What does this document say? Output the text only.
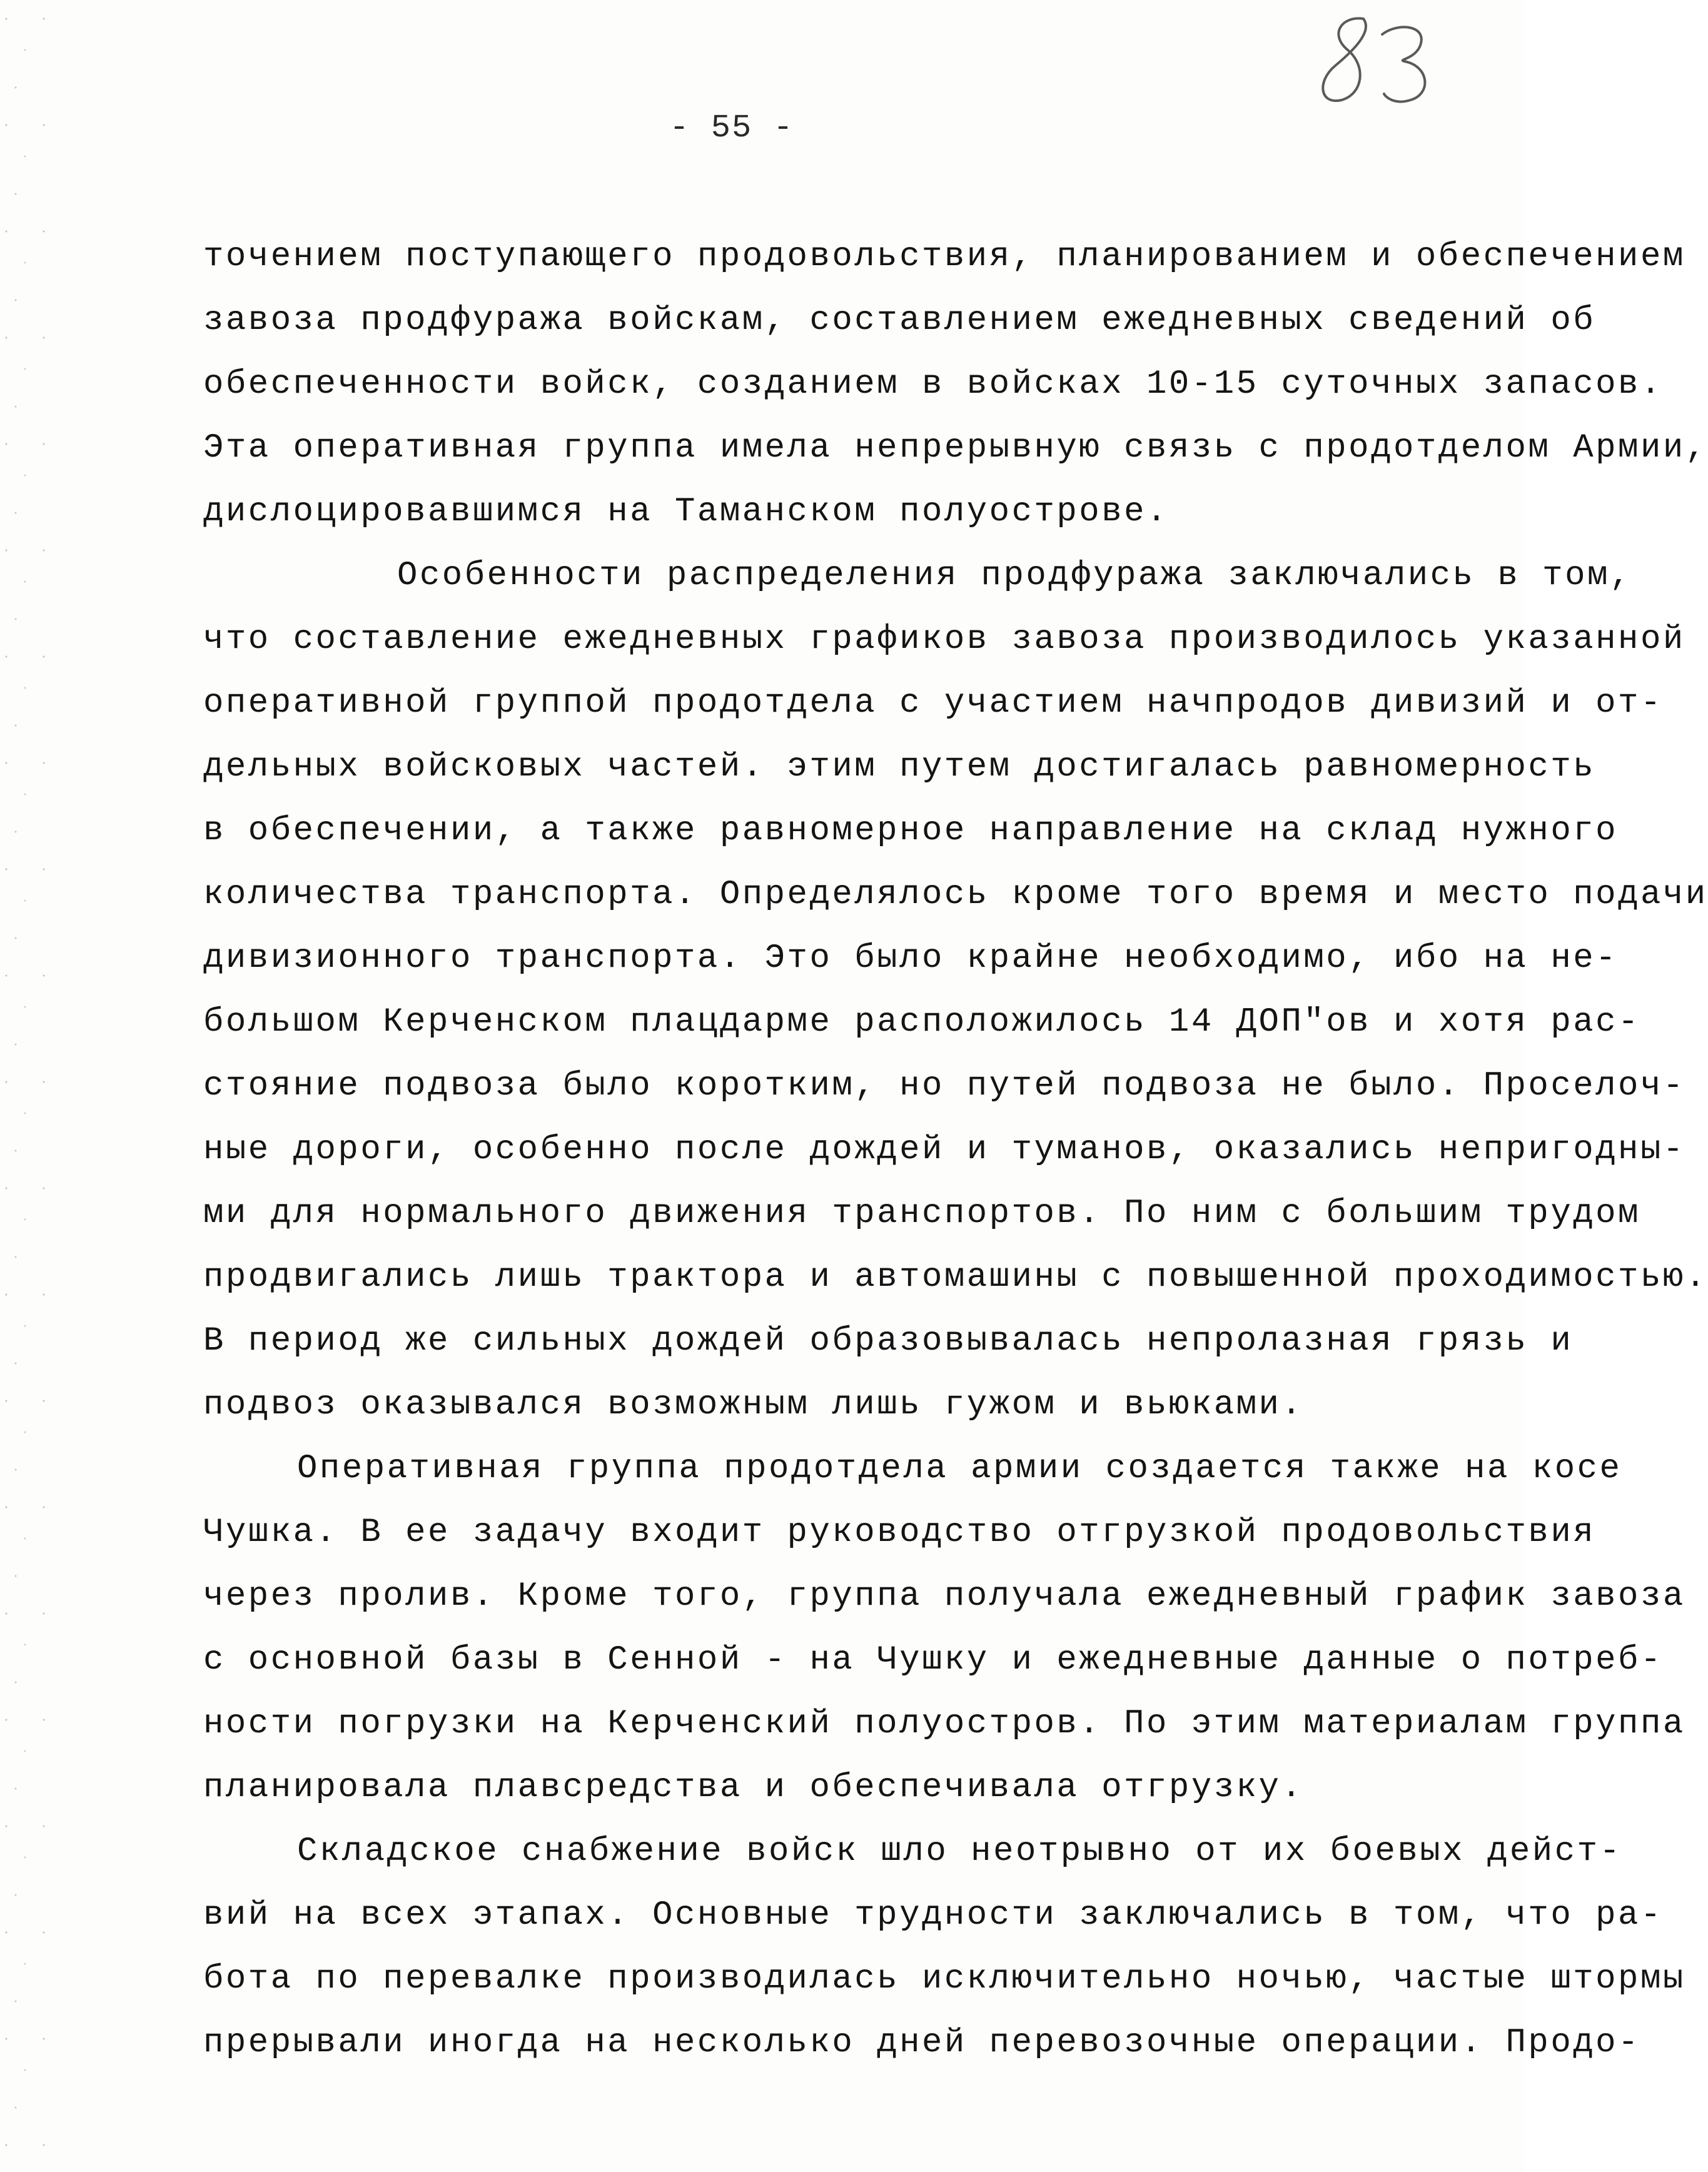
- 55 -
точением поступающего продовольствия, планированием и обеспечением
завоза продфуража войскам, составлением ежедневных сведений об
обеспеченности войск, созданием в войсках 10-15 суточных запасов.
Эта оперативная группа имела непрерывную связь с продотделом Армии,
дислоцировавшимся на Таманском полуострове.
Особенности распределения продфуража заключались в том,
что составление ежедневных графиков завоза производилось указанной
оперативной группой продотдела с участием начпродов дивизий и от-
дельных войсковых частей. этим путем достигалась равномерность
в обеспечении, а также равномерное направление на склад нужного
количества транспорта. Определялось кроме того время и место подачи
дивизионного транспорта. Это было крайне необходимо, ибо на не-
большом Керченском плацдарме расположилось 14 ДОП"ов и хотя рас-
стояние подвоза было коротким, но путей подвоза не было. Проселоч-
ные дороги, особенно после дождей и туманов, оказались непригодны-
ми для нормального движения транспортов. По ним с большим трудом
продвигались лишь трактора и автомашины с повышенной проходимостью.
В период же сильных дождей образовывалась непролазная грязь и
подвоз оказывался возможным лишь гужом и вьюками.
Оперативная группа продотдела армии создается также на косе
Чушка. В ее задачу входит руководство отгрузкой продовольствия
через пролив. Кроме того, группа получала ежедневный график завоза
с основной базы в Сенной - на Чушку и ежедневные данные о потреб-
ности погрузки на Керченский полуостров. По этим материалам группа
планировала плавсредства и обеспечивала отгрузку.
Складское снабжение войск шло неотрывно от их боевых дейст-
вий на всех этапах. Основные трудности заключались в том, что ра-
бота по перевалке производилась исключительно ночью, частые штормы
прерывали иногда на несколько дней перевозочные операции. Продо-
